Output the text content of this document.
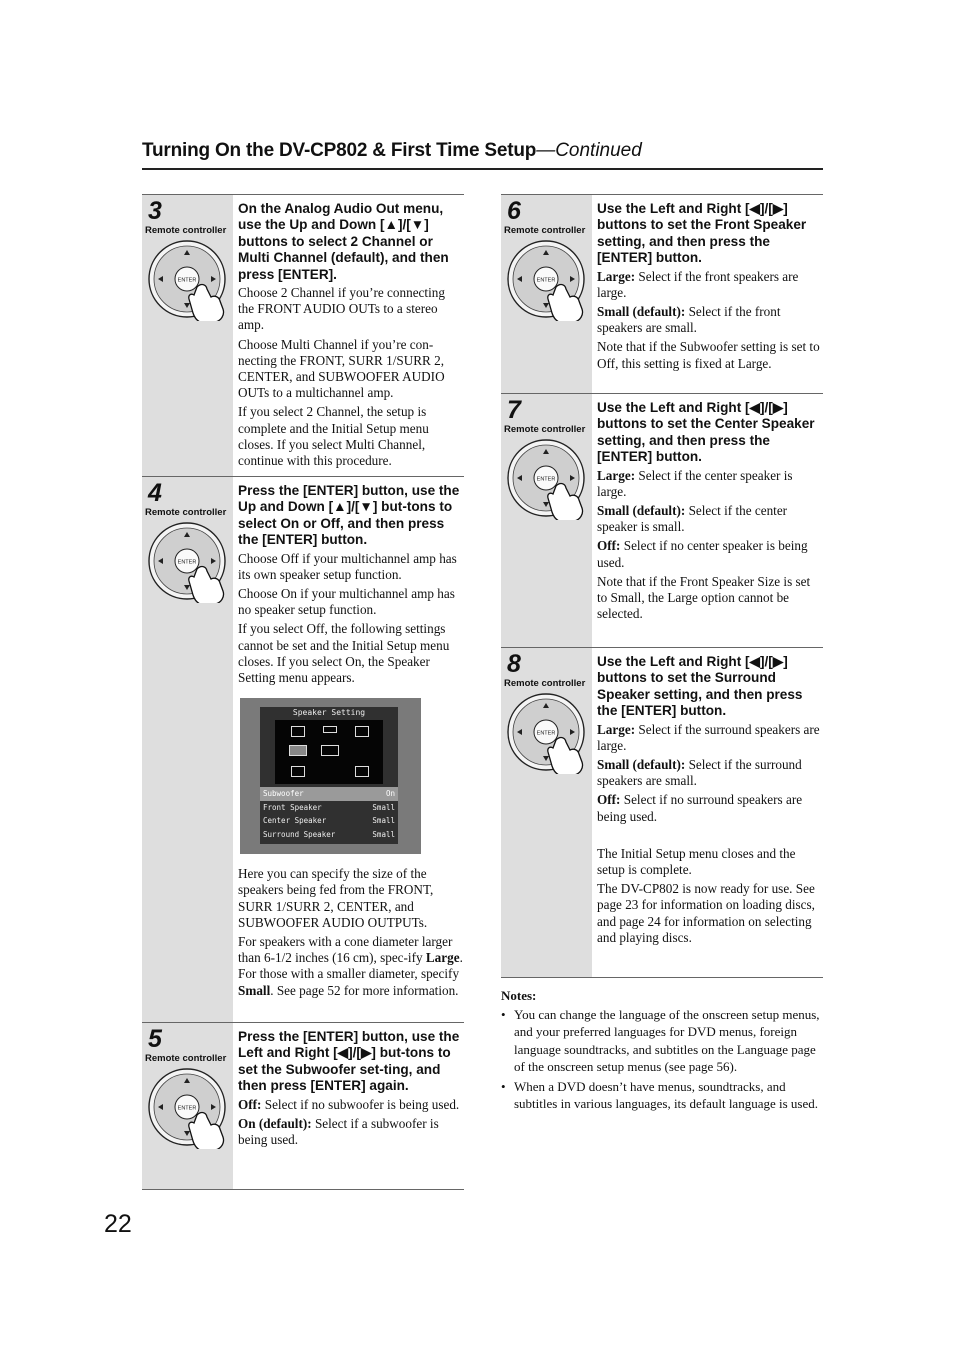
Turning On the DV-CP802 & First Time Setup—Continued
3
Remote controller
ENTER
On the Analog Audio Out menu, use the Up and Down [▲]/[▼] buttons to select 2 Channel or Multi Channel (default), and then press [ENTER].

Choose 2 Channel if you’re connecting the FRONT AUDIO OUTs to a stereo amp.

Choose Multi Channel if you’re con-necting the FRONT, SURR 1/SURR 2, CENTER, and SUBWOOFER AUDIO OUTs to a multichannel amp.

If you select 2 Channel, the setup is complete and the Initial Setup menu closes. If you select Multi Channel, continue with this procedure.

4
Remote controller
ENTER
Press the [ENTER] button, use the Up and Down [▲]/[▼] but-tons to select On or Off, and then press the [ENTER] button.

Choose Off if your multichannel amp has its own speaker setup function.

Choose On if your multichannel amp has no speaker setup function.

If you select Off, the following settings cannot be set and the Initial Setup menu closes. If you select On, the Speaker Setting menu appears.

Speaker Setting
Subwoofer	On
Front Speaker	Small
Center Speaker	Small
Surround Speaker	Small

Here you can specify the size of the speakers being fed from the FRONT, SURR 1/SURR 2, CENTER, and SUBWOOFER AUDIO OUTPUTs.

For speakers with a cone diameter larger than 6-1/2 inches (16 cm), spec-ify Large. For those with a smaller diameter, specify Small. See page 52 for more information.

5
Remote controller
ENTER
Press the [ENTER] button, use the Left and Right [◀]/[▶] but-tons to set the Subwoofer set-ting, and then press [ENTER] again.

Off: Select if no subwoofer is being used.

On (default): Select if a subwoofer is being used.

6
Remote controller
ENTER
Use the Left and Right [◀]/[▶] buttons to set the Front Speaker setting, and then press the [ENTER] button.

Large: Select if the front speakers are large.

Small (default): Select if the front speakers are small.

Note that if the Subwoofer setting is set to Off, this setting is fixed at Large.

7
Remote controller
ENTER
Use the Left and Right [◀]/[▶] buttons to set the Center Speaker setting, and then press the [ENTER] button.

Large: Select if the center speaker is large.

Small (default): Select if the center speaker is small.

Off: Select if no center speaker is being used.

Note that if the Front Speaker Size is set to Small, the Large option cannot be selected.

8
Remote controller
ENTER
Use the Left and Right [◀]/[▶] buttons to set the Surround Speaker setting, and then press the [ENTER] button.

Large: Select if the surround speakers are large.

Small (default): Select if the surround speakers are small.

Off: Select if no surround speakers are being used.

The Initial Setup menu closes and the setup is complete.

The DV-CP802 is now ready for use. See page 23 for information on loading discs, and page 24 for information on selecting and playing discs.

Notes:
• You can change the language of the onscreen setup menus, and your preferred languages for DVD menus, foreign language soundtracks, and subtitles on the Language page of the onscreen setup menus (see page 56).
• When a DVD doesn’t have menus, soundtracks, and subtitles in various languages, its default language is used.
22
